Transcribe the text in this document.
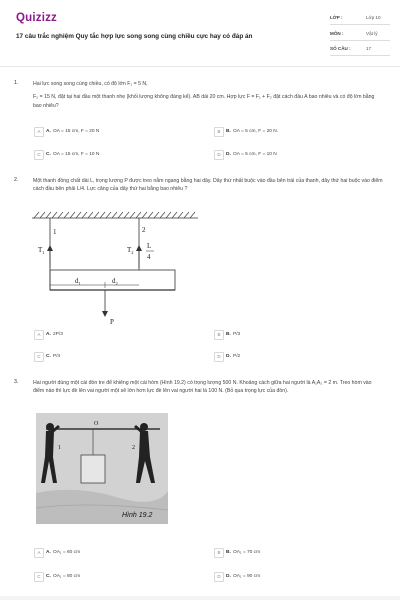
Quizizz
17 câu trắc nghiệm Quy tắc hợp lực song song cùng chiều cực hay có đáp án
LỚP :	Lớp 10
MÔN :	Vật lý
SỐ CÂU :	17
1.	Hai lực song song cùng chiều, có độ lớn F₁ = 5 N,
F₂ = 15 N, đặt tại hai đầu một thanh nhẹ (khối lượng không đáng kể). AB dài 20 cm. Hợp lực F = F₁ + F₂ đặt cách đầu A bao nhiêu và có độ lớn bằng bao nhiêu?
A	A. OA = 15 cm, F = 20 N	B	B. OA = 5 cm, F = 20 N.
C	C. OA = 15 cm, F = 10 N	D	D. OA = 5 cm, F = 10 N
2.	Một thanh đồng chất dài L, trọng lượng P được treo nằm ngang bằng hai dây. Dây thứ nhất buộc vào đầu bên trái của thanh, dây thứ hai buộc vào điểm cách đầu bên phải L/4. Lực căng của dây thứ hai bằng bao nhiêu ?
1	2
$T_1$	$T_2$
$d_1$	$d_2$
L
4
P
A	A. 2P/3	B	B. P/3
C	C. P/4	D	D. P/2
3.	Hai người dùng một cái đòn tre để khiêng một cái hòm (Hình 19.2) có trọng lượng 500 N. Khoảng cách giữa hai người là A₁A₂ = 2 m. Treo hòm vào điểm nào thì lực đè lên vai người một sẽ lớn hơn lực đè lên vai người hai là 100 N. (Bỏ qua trọng lực của đòn).
O
1	2
Hình 19.2
A	A. OA₁ = 60 cm	B	B. OA₁ = 70 cm
C	C. OA₁ = 80 cm	D	D. OA₁ = 90 cm
